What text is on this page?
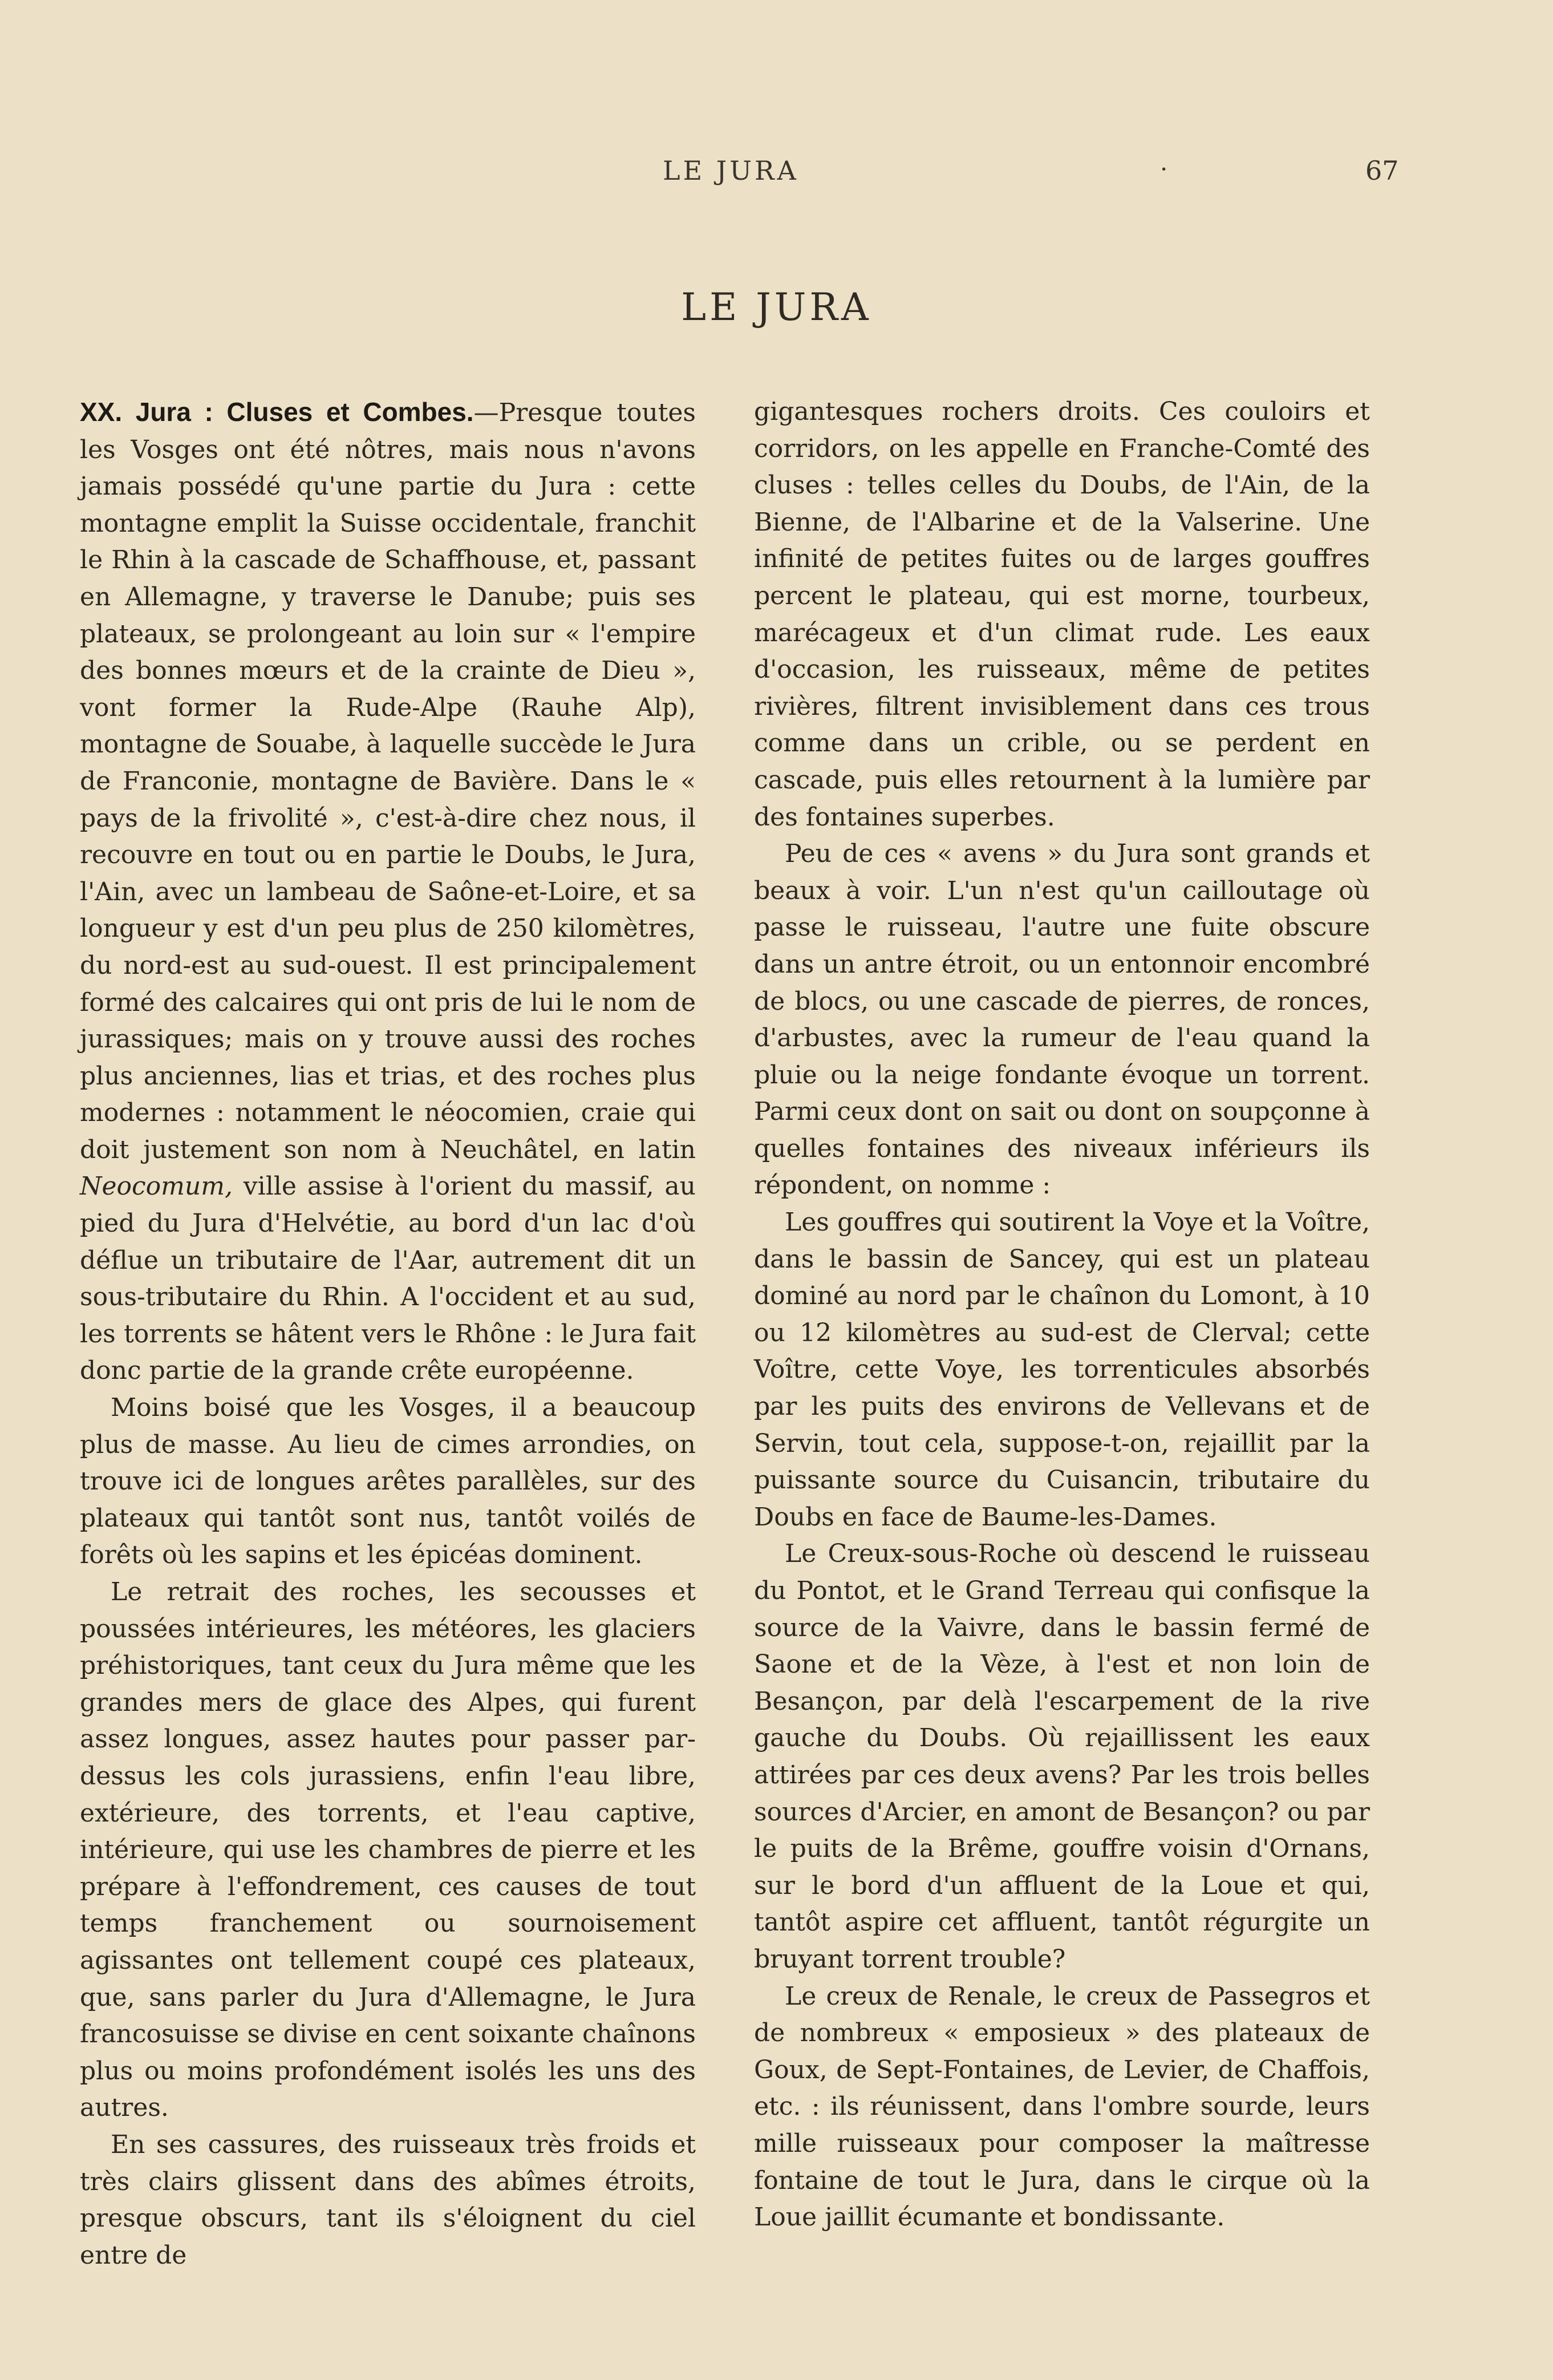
LE JURA	·	67
LE JURA

XX. Jura : Cluses et Combes.—Presque toutes les Vosges ont été nôtres, mais nous n'avons jamais possédé qu'une partie du Jura : cette montagne emplit la Suisse occidentale, franchit le Rhin à la cascade de Schaffhouse, et, passant en Allemagne, y traverse le Danube; puis ses plateaux, se prolongeant au loin sur « l'empire des bonnes mœurs et de la crainte de Dieu », vont former la Rude-Alpe (Rauhe Alp), montagne de Souabe, à laquelle succède le Jura de Franconie, montagne de Bavière. Dans le « pays de la frivolité », c'est-à-dire chez nous, il recouvre en tout ou en partie le Doubs, le Jura, l'Ain, avec un lambeau de Saône-et-Loire, et sa longueur y est d'un peu plus de 250 kilomètres, du nord-est au sud-ouest. Il est principalement formé des calcaires qui ont pris de lui le nom de jurassiques; mais on y trouve aussi des roches plus anciennes, lias et trias, et des roches plus modernes : notamment le néocomien, craie qui doit justement son nom à Neuchâtel, en latin Neocomum, ville assise à l'orient du massif, au pied du Jura d'Helvétie, au bord d'un lac d'où déflue un tributaire de l'Aar, autrement dit un sous-tributaire du Rhin. A l'occident et au sud, les torrents se hâtent vers le Rhône : le Jura fait donc partie de la grande crête européenne.

Moins boisé que les Vosges, il a beaucoup plus de masse. Au lieu de cimes arrondies, on trouve ici de longues arêtes parallèles, sur des plateaux qui tantôt sont nus, tantôt voilés de forêts où les sapins et les épicéas dominent.

Le retrait des roches, les secousses et poussées intérieures, les météores, les glaciers préhistoriques, tant ceux du Jura même que les grandes mers de glace des Alpes, qui furent assez longues, assez hautes pour passer par-dessus les cols jurassiens, enfin l'eau libre, extérieure, des torrents, et l'eau captive, intérieure, qui use les chambres de pierre et les prépare à l'effondrement, ces causes de tout temps franchement ou sournoisement agissantes ont tellement coupé ces plateaux, que, sans parler du Jura d'Allemagne, le Jura francosuisse se divise en cent soixante chaînons plus ou moins profondément isolés les uns des autres.

En ses cassures, des ruisseaux très froids et très clairs glissent dans des abîmes étroits, presque obscurs, tant ils s'éloignent du ciel entre de

gigantesques rochers droits. Ces couloirs et corridors, on les appelle en Franche-Comté des cluses : telles celles du Doubs, de l'Ain, de la Bienne, de l'Albarine et de la Valserine. Une infinité de petites fuites ou de larges gouffres percent le plateau, qui est morne, tourbeux, marécageux et d'un climat rude. Les eaux d'occasion, les ruisseaux, même de petites rivières, filtrent invisiblement dans ces trous comme dans un crible, ou se perdent en cascade, puis elles retournent à la lumière par des fontaines superbes.

Peu de ces « avens » du Jura sont grands et beaux à voir. L'un n'est qu'un cailloutage où passe le ruisseau, l'autre une fuite obscure dans un antre étroit, ou un entonnoir encombré de blocs, ou une cascade de pierres, de ronces, d'arbustes, avec la rumeur de l'eau quand la pluie ou la neige fondante évoque un torrent. Parmi ceux dont on sait ou dont on soupçonne à quelles fontaines des niveaux inférieurs ils répondent, on nomme :

Les gouffres qui soutirent la Voye et la Voître, dans le bassin de Sancey, qui est un plateau dominé au nord par le chaînon du Lomont, à 10 ou 12 kilomètres au sud-est de Clerval; cette Voître, cette Voye, les torrenticules absorbés par les puits des environs de Vellevans et de Servin, tout cela, suppose-t-on, rejaillit par la puissante source du Cuisancin, tributaire du Doubs en face de Baume-les-Dames.

Le Creux-sous-Roche où descend le ruisseau du Pontot, et le Grand Terreau qui confisque la source de la Vaivre, dans le bassin fermé de Saone et de la Vèze, à l'est et non loin de Besançon, par delà l'escarpement de la rive gauche du Doubs. Où rejaillissent les eaux attirées par ces deux avens? Par les trois belles sources d'Arcier, en amont de Besançon? ou par le puits de la Brême, gouffre voisin d'Ornans, sur le bord d'un affluent de la Loue et qui, tantôt aspire cet affluent, tantôt régurgite un bruyant torrent trouble?

Le creux de Renale, le creux de Passegros et de nombreux « emposieux » des plateaux de Goux, de Sept-Fontaines, de Levier, de Chaffois, etc. : ils réunissent, dans l'ombre sourde, leurs mille ruisseaux pour composer la maîtresse fontaine de tout le Jura, dans le cirque où la Loue jaillit écumante et bondissante.
